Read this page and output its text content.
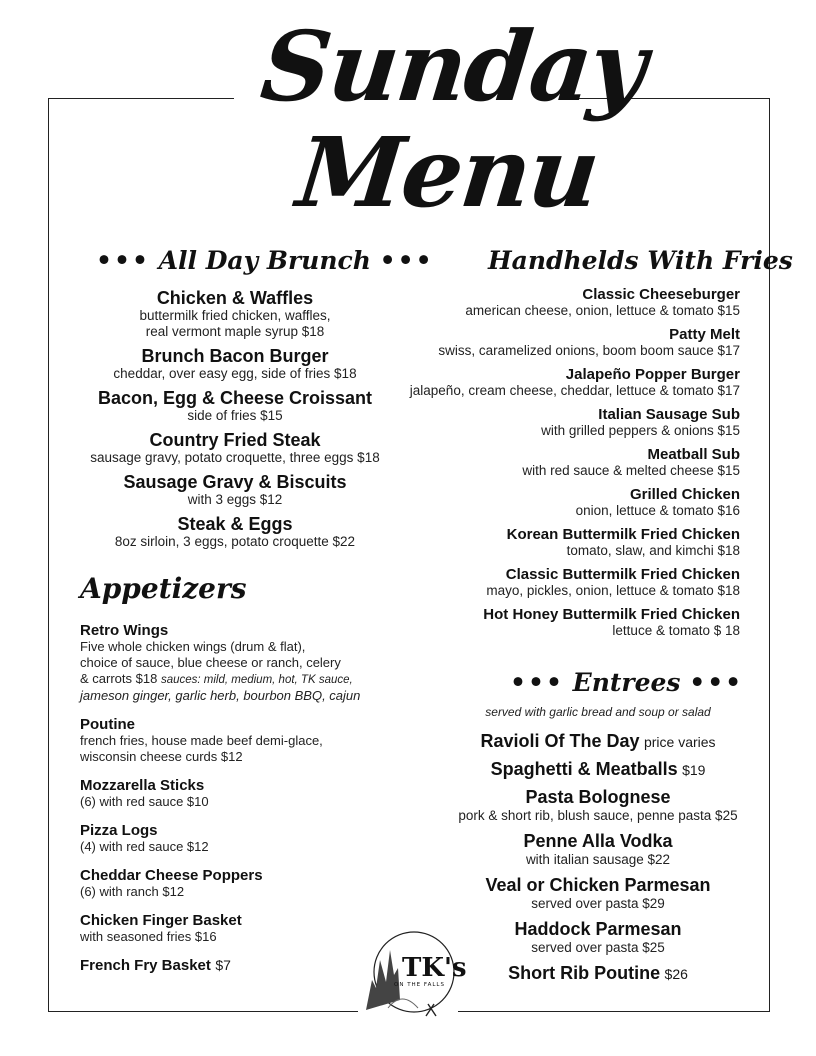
Sunday
Menu
••• All Day Brunch •••
Chicken & Waffles
buttermilk fried chicken, waffles,
real vermont maple syrup $18
Brunch Bacon Burger
cheddar, over easy egg, side of fries $18
Bacon, Egg & Cheese Croissant
side of fries $15
Country Fried Steak
sausage gravy, potato croquette, three eggs $18
Sausage Gravy & Biscuits
with 3 eggs $12
Steak & Eggs
8oz sirloin, 3 eggs, potato croquette $22
Handhelds With Fries
Classic Cheeseburger
american cheese, onion, lettuce & tomato $15
Patty Melt
swiss, caramelized onions, boom boom sauce $17
Jalapeño Popper Burger
jalapeño, cream cheese, cheddar, lettuce & tomato $17
Italian Sausage Sub
with grilled peppers & onions $15
Meatball Sub
with red sauce & melted cheese $15
Grilled Chicken
onion, lettuce & tomato $16
Korean Buttermilk Fried Chicken
tomato, slaw, and kimchi $18
Classic Buttermilk Fried Chicken
mayo, pickles, onion, lettuce & tomato $18
Hot Honey Buttermilk Fried Chicken
lettuce & tomato $ 18
Appetizers
Retro Wings
Five whole chicken wings (drum & flat),
choice of sauce, blue cheese or ranch, celery
& carrots $18 sauces: mild, medium, hot, TK sauce,
jameson ginger, garlic herb, bourbon BBQ, cajun
Poutine
french fries, house made beef demi-glace,
wisconsin cheese curds $12
Mozzarella Sticks
(6) with red sauce $10
Pizza Logs
(4) with red sauce $12
Cheddar Cheese Poppers
(6) with ranch $12
Chicken Finger Basket
with seasoned fries $16
French Fry Basket $7
••• Entrees •••
served with garlic bread and soup or salad
Ravioli Of The Day price varies
Spaghetti & Meatballs $19
Pasta Bolognese
pork & short rib, blush sauce, penne pasta $25
Penne Alla Vodka
with italian sausage $22
Veal or Chicken Parmesan
served over pasta $29
Haddock Parmesan
served over pasta $25
Short Rib Poutine $26
TK's
ON THE FALLS
